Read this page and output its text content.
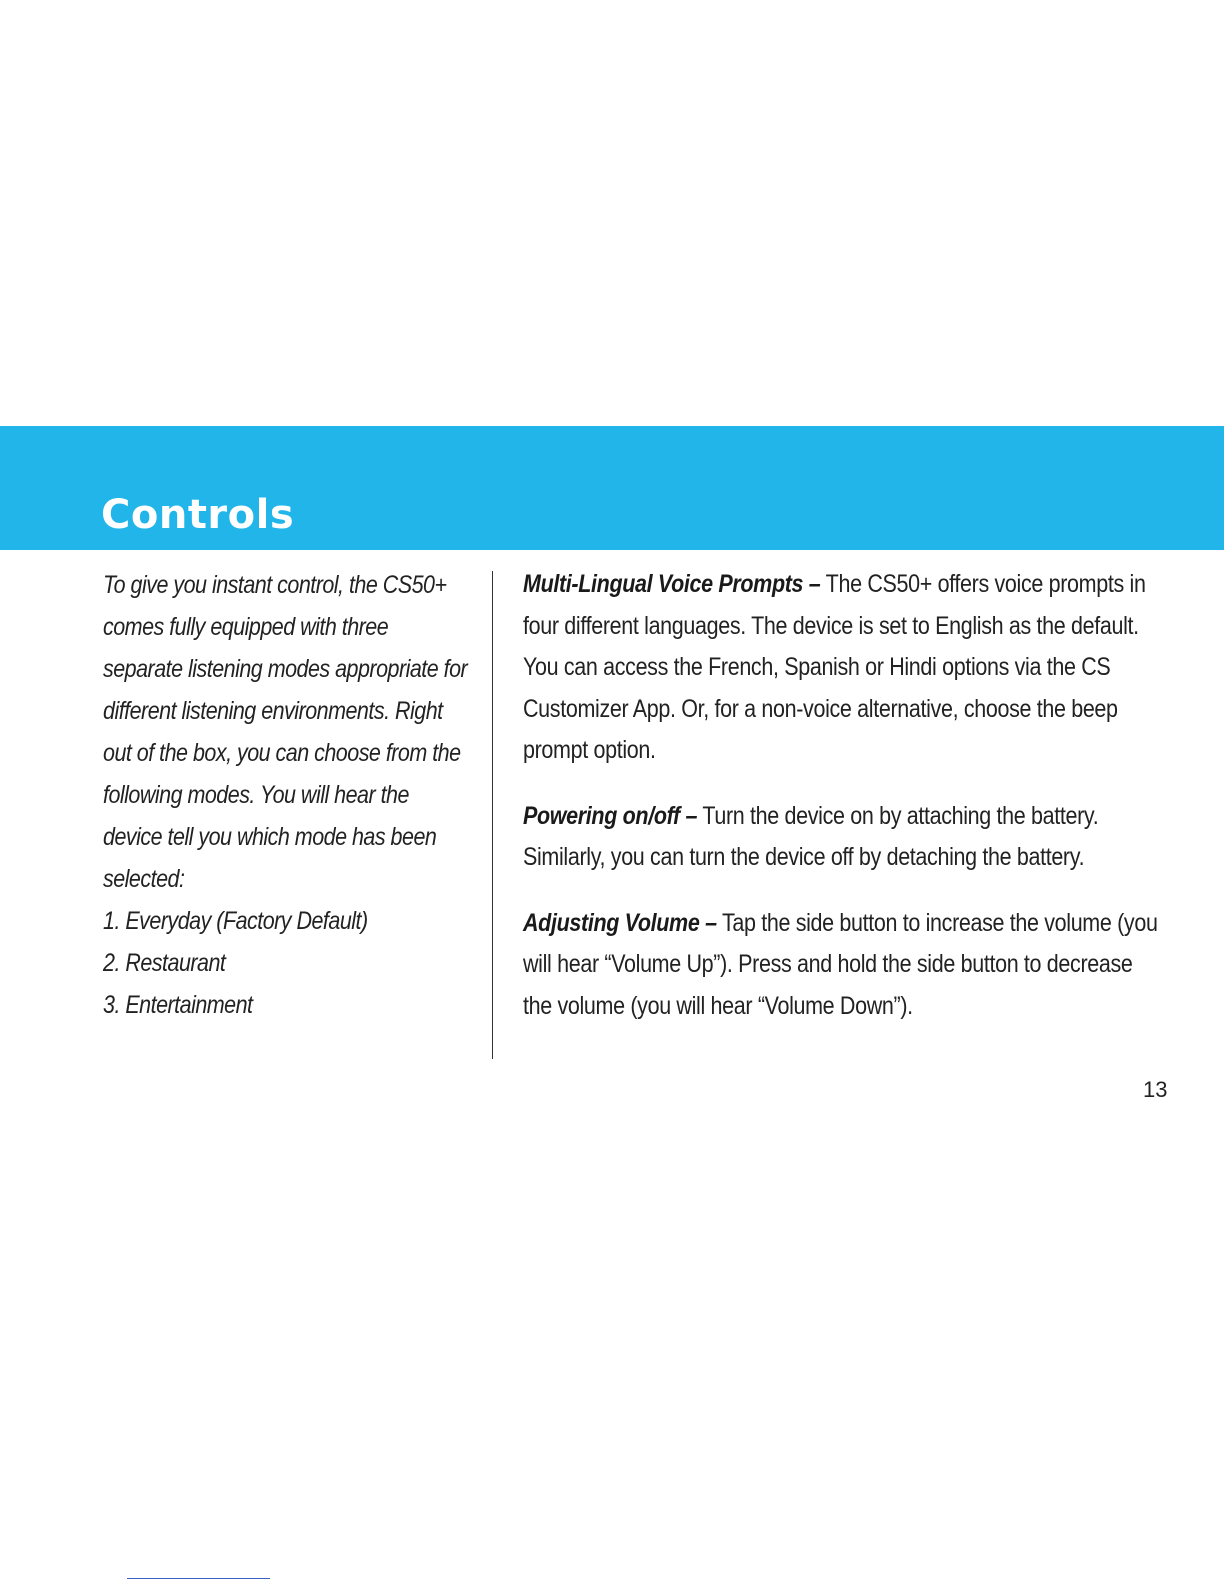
Controls

To give you instant control, the CS50+ comes fully equipped with three separate listening modes appropriate for different listening environments. Right out of the box, you can choose from the following modes. You will hear the device tell you which mode has been selected:

1. Everyday (Factory Default)
2. Restaurant
3. Entertainment

Multi-Lingual Voice Prompts – The CS50+ offers voice prompts in four different languages. The device is set to English as the default. You can access the French, Spanish or Hindi options via the CS Customizer App. Or, for a non-voice alternative, choose the beep prompt option.

Powering on/off – Turn the device on by attaching the battery. Similarly, you can turn the device off by detaching the battery.

Adjusting Volume – Tap the side button to increase the volume (you will hear “Volume Up”). Press and hold the side button to decrease the volume (you will hear “Volume Down”).

13
